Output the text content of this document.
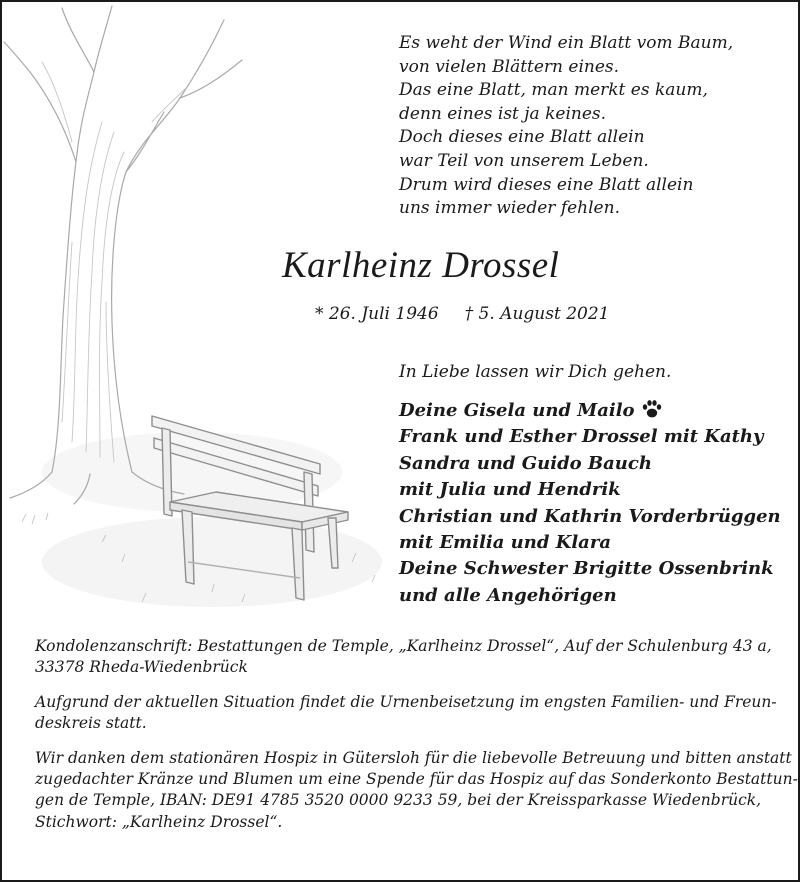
Es weht der Wind ein Blatt vom Baum,
von vielen Blättern eines.
Das eine Blatt, man merkt es kaum,
denn eines ist ja keines.
Doch dieses eine Blatt allein
war Teil von unserem Leben.
Drum wird dieses eine Blatt allein
uns immer wieder fehlen.
Karlheinz Drossel
* 26. Juli 1946 † 5. August 2021
In Liebe lassen wir Dich gehen.
Deine Gisela und Mailo
Frank und Esther Drossel mit Kathy
Sandra und Guido Bauch
mit Julia und Hendrik
Christian und Kathrin Vorderbrüggen
mit Emilia und Klara
Deine Schwester Brigitte Ossenbrink
und alle Angehörigen
Kondolenzanschrift: Bestattungen de Temple, „Karlheinz Drossel“, Auf der Schulenburg 43 a,
33378 Rheda-Wiedenbrück
Aufgrund der aktuellen Situation findet die Urnenbeisetzung im engsten Familien- und Freun-
deskreis statt.
Wir danken dem stationären Hospiz in Gütersloh für die liebevolle Betreuung und bitten anstatt
zugedachter Kränze und Blumen um eine Spende für das Hospiz auf das Sonderkonto Bestattun-
gen de Temple, IBAN: DE91 4785 3520 0000 9233 59, bei der Kreissparkasse Wiedenbrück,
Stichwort: „Karlheinz Drossel“.
